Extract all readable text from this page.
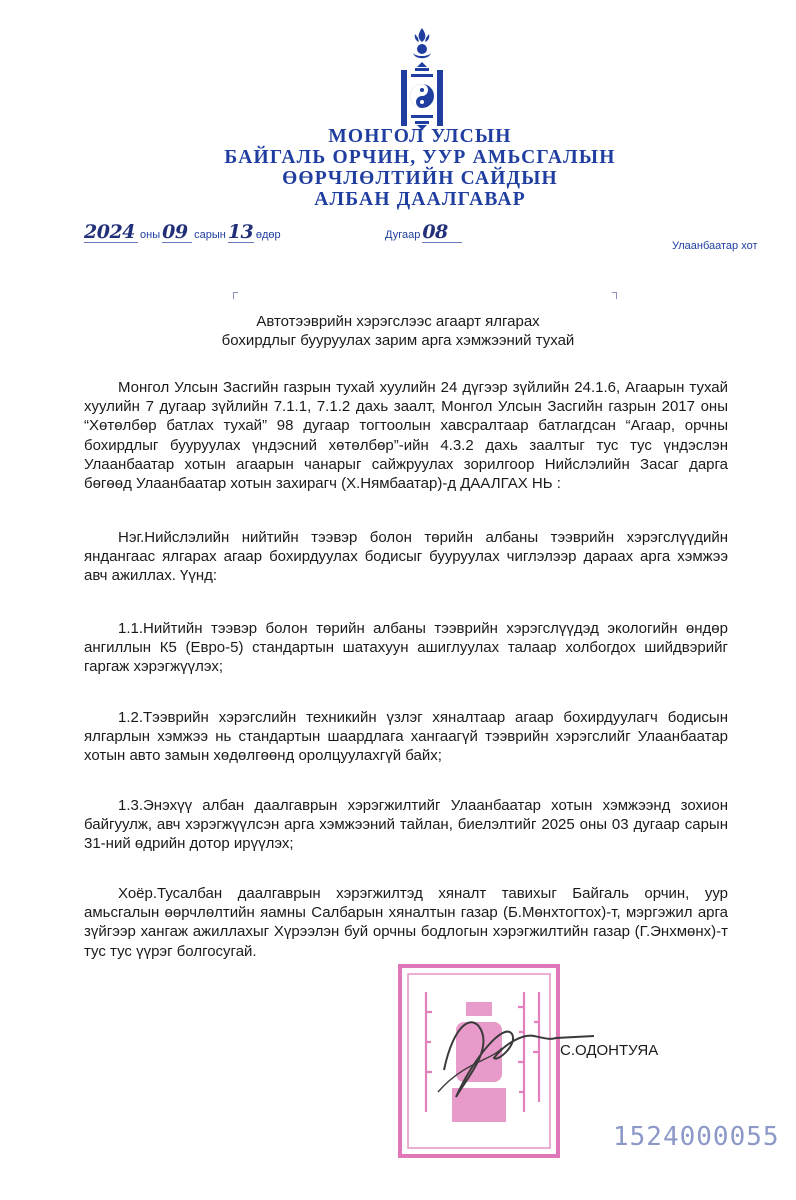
МОНГОЛ УЛСЫН
БАЙГАЛЬ ОРЧИН, УУР АМЬСГАЛЫН
ӨӨРЧЛӨЛТИЙН САЙДЫН
АЛБАН ДААЛГАВАР
2024 оны 09 сарын 13 өдөр	Дугаар 08
Улаанбаатар хот
Автотээврийн хэрэгслээс агаарт ялгарах
бохирдлыг бууруулах зарим арга хэмжээний тухай

Монгол Улсын Засгийн газрын тухай хуулийн 24 дүгээр зүйлийн 24.1.6, Агаарын тухай хуулийн 7 дугаар зүйлийн 7.1.1, 7.1.2 дахь заалт, Монгол Улсын Засгийн газрын 2017 оны “Хөтөлбөр батлах тухай” 98 дугаар тогтоолын хавсралтаар батлагдсан “Агаар, орчны бохирдлыг бууруулах үндэсний хөтөлбөр”-ийн 4.3.2 дахь заалтыг тус тус үндэслэн Улаанбаатар хотын агаарын чанарыг сайжруулах зорилгоор Нийслэлийн Засаг дарга бөгөөд Улаанбаатар хотын захирагч (Х.Нямбаатар)-д ДААЛГАХ НЬ :

Нэг.Нийслэлийн нийтийн тээвэр болон төрийн албаны тээврийн хэрэгслүүдийн яндангаас ялгарах агаар бохирдуулах бодисыг бууруулах чиглэлээр дараах арга хэмжээ авч ажиллах. Үүнд:

1.1.Нийтийн тээвэр болон төрийн албаны тээврийн хэрэгслүүдэд экологийн өндөр ангиллын К5 (Евро-5) стандартын шатахуун ашиглуулах талаар холбогдох шийдвэрийг гаргаж хэрэгжүүлэх;

1.2.Тээврийн хэрэгслийн техникийн үзлэг хяналтаар агаар бохирдуулагч бодисын ялгарлын хэмжээ нь стандартын шаардлага хангаагүй тээврийн хэрэгслийг Улаанбаатар хотын авто замын хөдөлгөөнд оролцуулахгүй байх;

1.3.Энэхүү албан даалгаврын хэрэгжилтийг Улаанбаатар хотын хэмжээнд зохион байгуулж, авч хэрэгжүүлсэн арга хэмжээний тайлан, биелэлтийг 2025 оны 03 дугаар сарын 31-ний өдрийн дотор ирүүлэх;

Хоёр.Тусалбан даалгаврын хэрэгжилтэд хяналт тавихыг Байгаль орчин, уур амьсгалын өөрчлөлтийн яамны Салбарын хяналтын газар (Б.Мөнхтогтох)-т, мэргэжил арга зүйгээр хангаж ажиллахыг Хүрээлэн буй орчны бодлогын хэрэгжилтийн газар (Г.Энхмөнх)-т тус тус үүрэг болгосугай.

С.ОДОНТУЯА
1524000055
